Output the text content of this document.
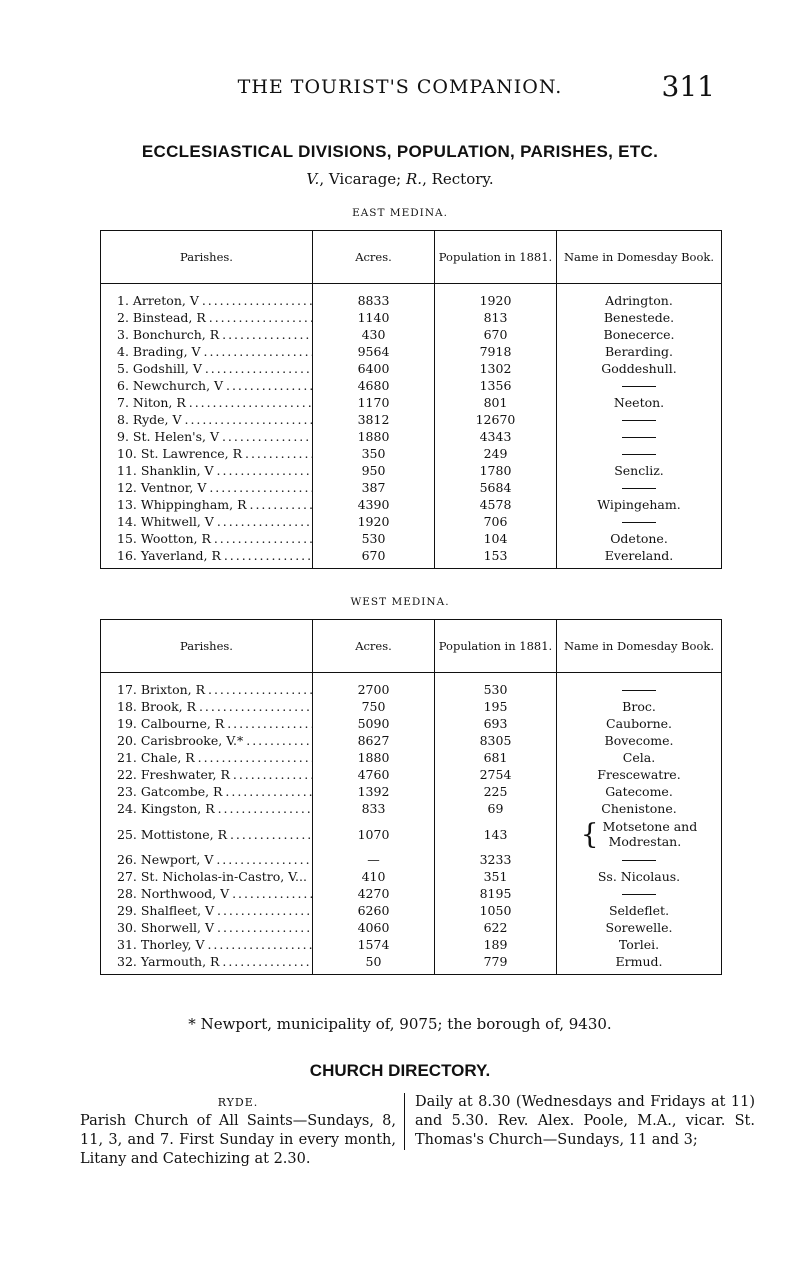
THE TOURIST'S COMPANION.	311
ECCLESIASTICAL DIVISIONS, POPULATION, PARISHES, ETC.
V., Vicarage; R., Rectory.
EAST MEDINA.
Parishes.	Acres.	Population in 1881.	Name in Domesday Book.
1. Arreton, V . . .	8833	1920	Adrington.
2. Binstead, R . . .	1140	813	Benestede.
3. Bonchurch, R . . .	430	670	Bonecerce.
4. Brading, V . . .	9564	7918	Berarding.
5. Godshill, V . . .	6400	1302	Goddeshull.
6. Newchurch, V . . .	4680	1356	
7. Niton, R . . .	1170	801	Neeton.
8. Ryde, V . . .	3812	12670	
9. St. Helen's, V . . .	1880	4343	
10. St. Lawrence, R . . .	350	249	
11. Shanklin, V . . .	950	1780	Sencliz.
12. Ventnor, V . . .	387	5684	
13. Whippingham, R . . .	4390	4578	Wipingeham.
14. Whitwell, V . . .	1920	706	
15. Wootton, R . . .	530	104	Odetone.
16. Yaverland, R . . .	670	153	Evereland.
WEST MEDINA.
Parishes.	Acres.	Population in 1881.	Name in Domesday Book.
17. Brixton, R . . .	2700	530	
18. Brook, R . . .	750	195	Broc.
19. Calbourne, R . . .	5090	693	Cauborne.
20. Carisbrooke, V.* . . .	8627	8305	Bovecome.
21. Chale, R . . .	1880	681	Cela.
22. Freshwater, R . . .	4760	2754	Frescewatre.
23. Gatcombe, R . . .	1392	225	Gatecome.
24. Kingston, R . . .	833	69	Chenistone.
25. Mottistone, R . . .	1070	143	{ Motsetone and
Modrestan.

26. Newport, V . . .	—	3233	
27. St. Nicholas-in-Castro, V...	410	351	Ss. Nicolaus.
28. Northwood, V . . .	4270	8195	
29. Shalfleet, V . . .	6260	1050	Seldeflet.
30. Shorwell, V . . .	4060	622	Sorewelle.
31. Thorley, V . . .	1574	189	Torlei.
32. Yarmouth, R . . .	50	779	Ermud.
* Newport, municipality of, 9075; the borough of, 9430.
CHURCH DIRECTORY.
RYDE.
Parish Church of All Saints—Sundays, 8, 11, 3, and 7. First Sunday in every month, Litany and Catechizing at 2.30.
Daily at 8.30 (Wednesdays and Fridays at 11) and 5.30. Rev. Alex. Poole, M.A., vicar. St. Thomas's Church—Sundays, 11 and 3;
